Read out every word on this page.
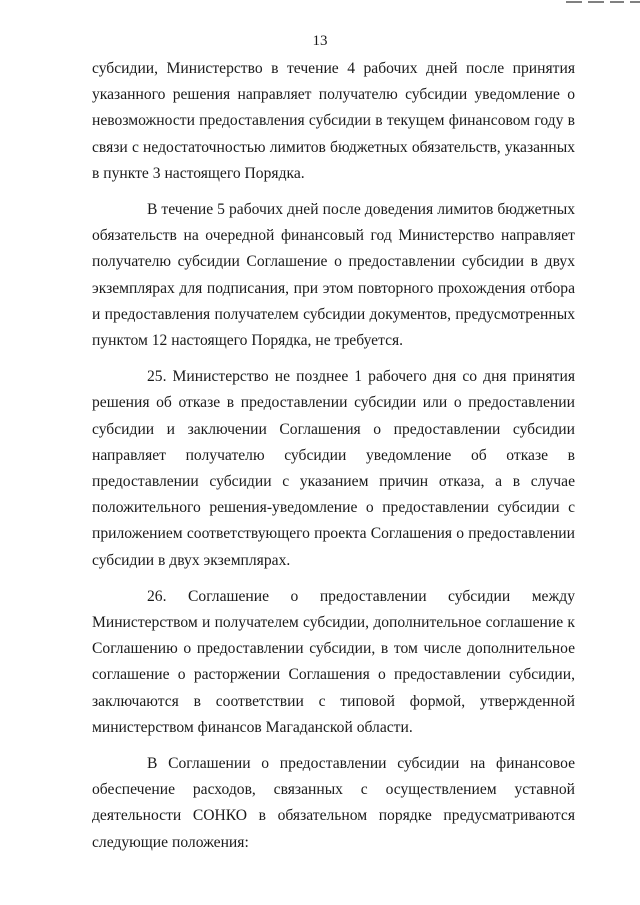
13

субсидии, Министерство в течение 4 рабочих дней после принятия указанного решения направляет получателю субсидии уведомление о невозможности предоставления субсидии в текущем финансовом году в связи с недостаточностью лимитов бюджетных обязательств, указанных в пункте 3 настоящего Порядка.

В течение 5 рабочих дней после доведения лимитов бюджетных обязательств на очередной финансовый год Министерство направляет получателю субсидии Соглашение о предоставлении субсидии в двух экземплярах для подписания, при этом повторного прохождения отбора и предоставления получателем субсидии документов, предусмотренных пунктом 12 настоящего Порядка, не требуется.

25. Министерство не позднее 1 рабочего дня со дня принятия решения об отказе в предоставлении субсидии или о предоставлении субсидии и заключении Соглашения о предоставлении субсидии направляет получателю субсидии уведомление об отказе в предоставлении субсидии с указанием причин отказа, а в случае положительного решения-уведомление о предоставлении субсидии с приложением соответствующего проекта Соглашения о предоставлении субсидии в двух экземплярах.

26. Соглашение о предоставлении субсидии между Министерством и получателем субсидии, дополнительное соглашение к Соглашению о предоставлении субсидии, в том числе дополнительное соглашение о расторжении Соглашения о предоставлении субсидии, заключаются в соответствии с типовой формой, утвержденной министерством финансов Магаданской области.

В Соглашении о предоставлении субсидии на финансовое обеспечение расходов, связанных с осуществлением уставной деятельности СОНКО в обязательном порядке предусматриваются следующие положения:
